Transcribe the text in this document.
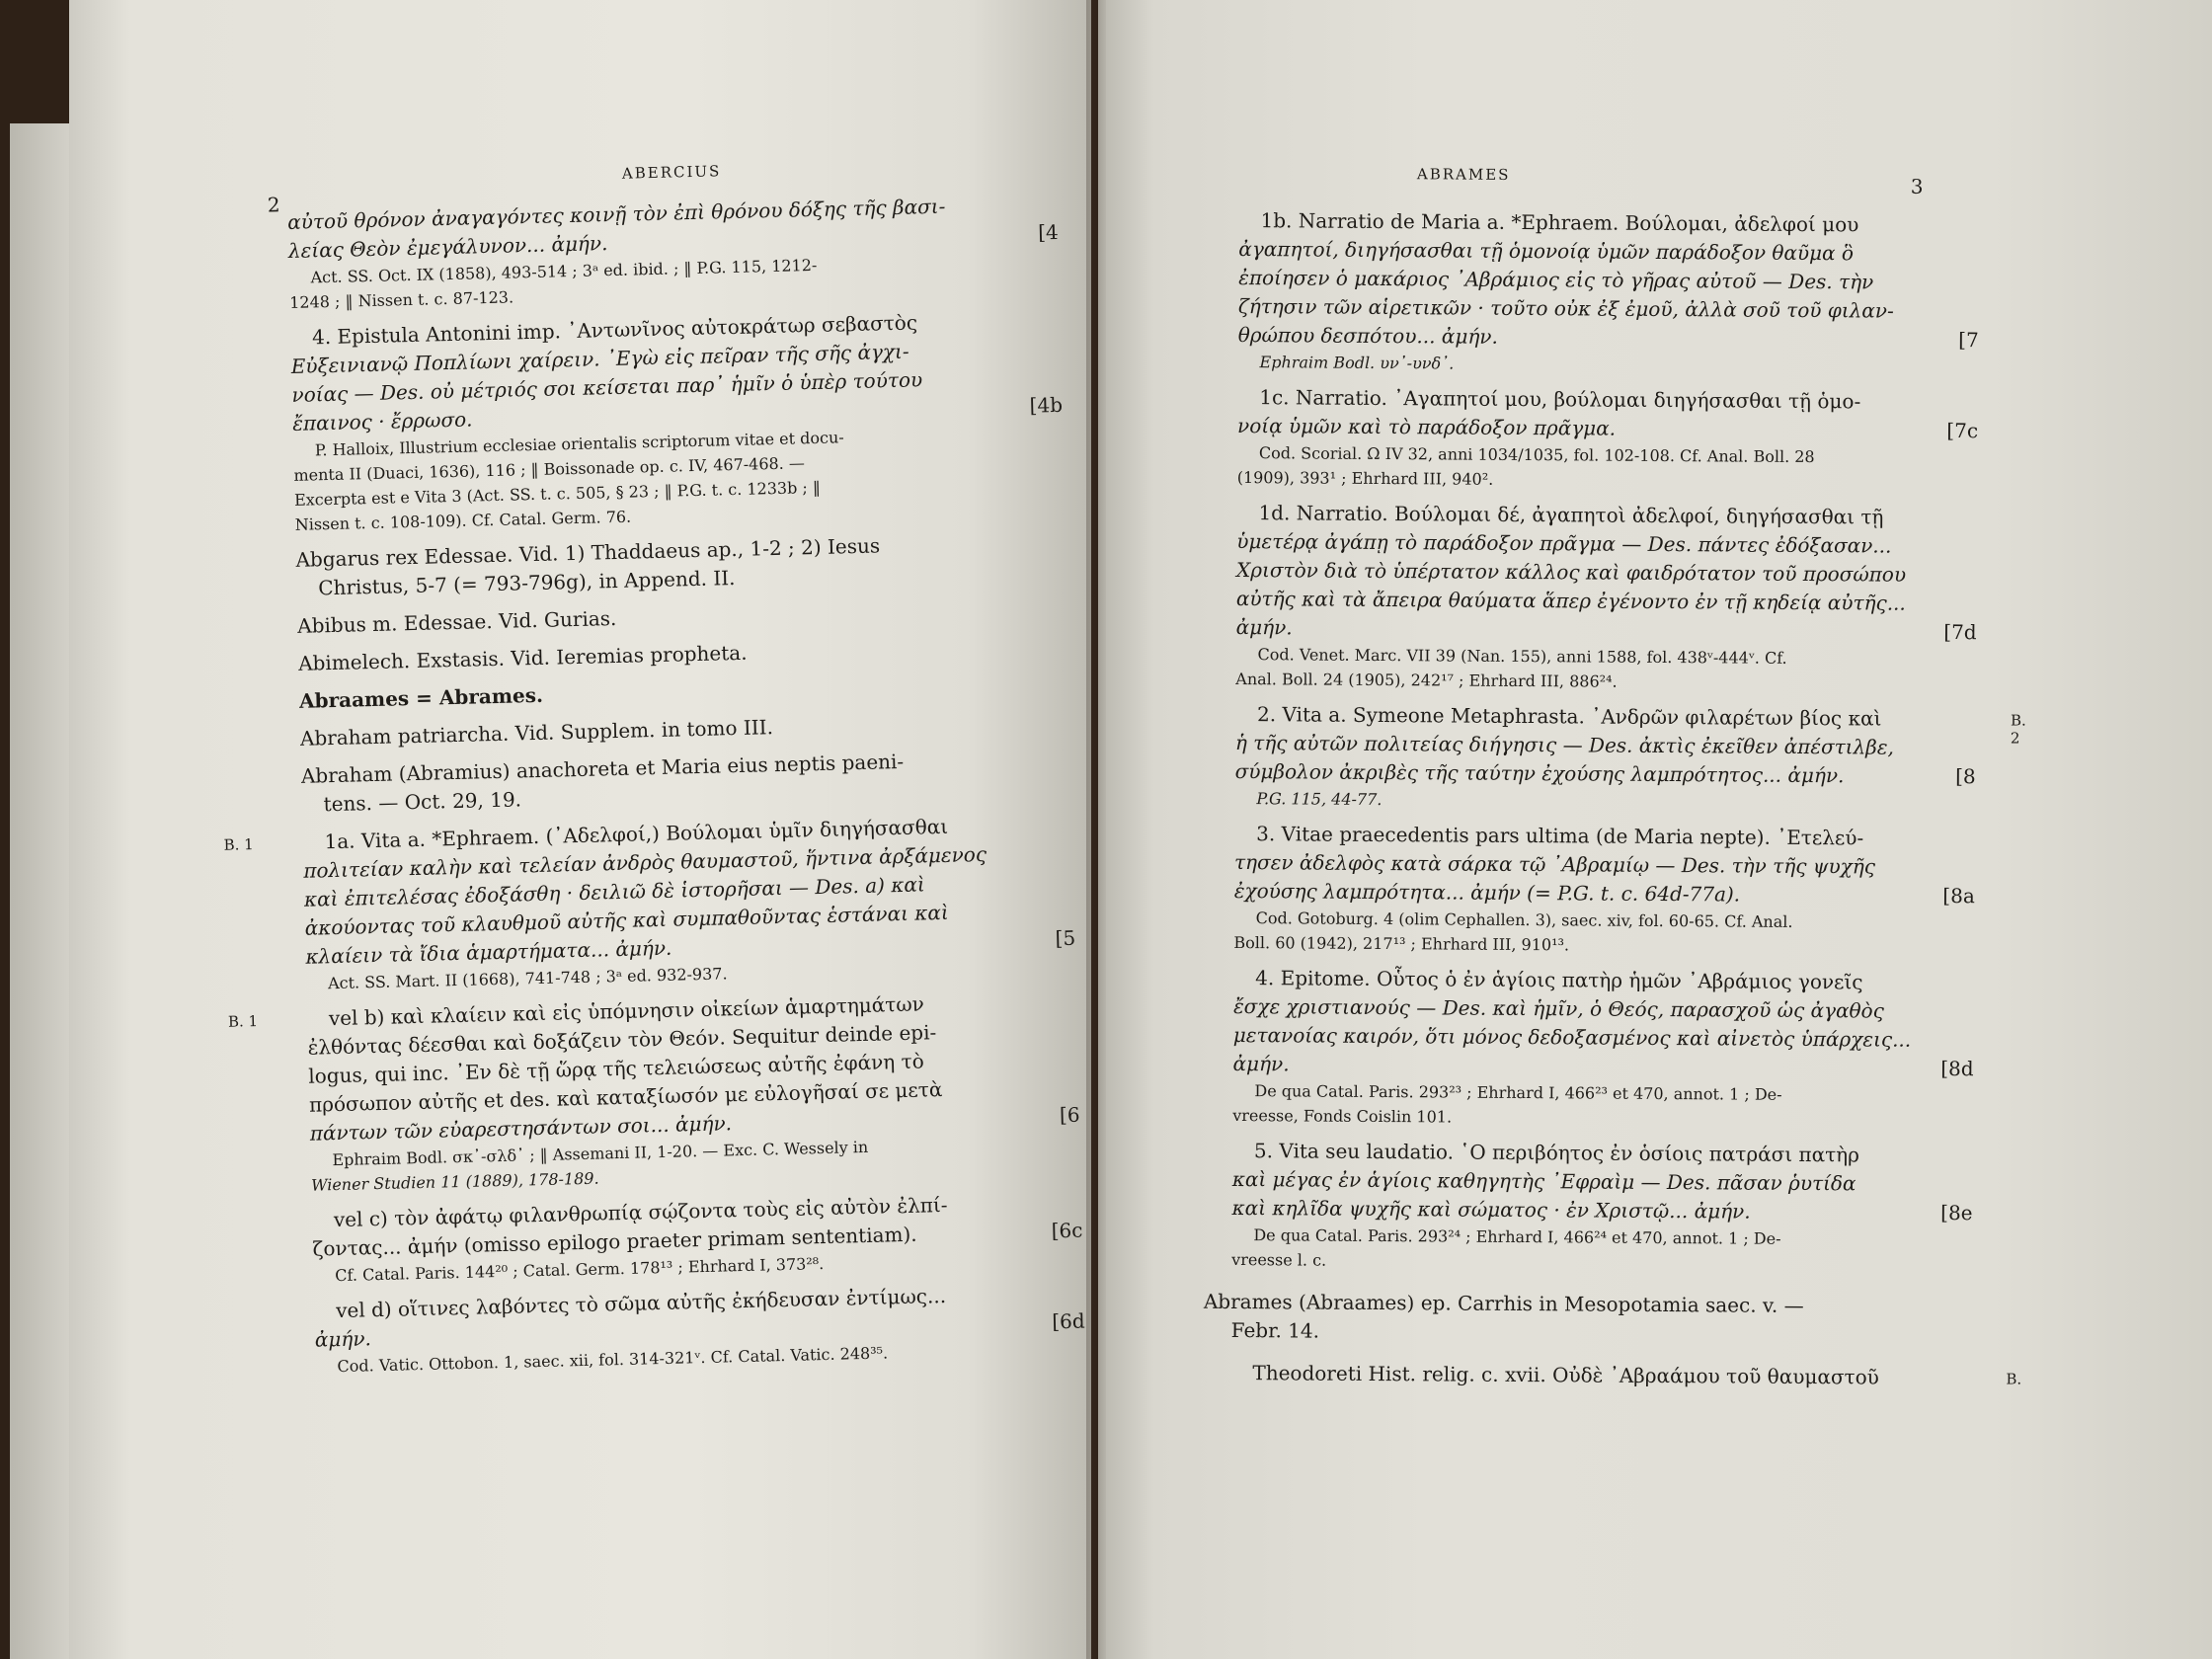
2
ABERCIUS
αὐτοῦ θρόνον ἀναγαγόντες κοινῇ τὸν ἐπὶ θρόνου δόξης τῆς βασι-
λείας Θεὸν ἐμεγάλυνον... ἀμήν.	[4
Act. SS. Oct. IX (1858), 493-514 ; 3ᵃ ed. ibid. ; ‖ P.G. 115, 1212-
1248 ; ‖ Nissen t. c. 87-123.
4. Epistula Antonini imp. ᾿Αντωνῖνος αὐτοκράτωρ σεβαστὸς
Εὐξεινιανῷ Πoπλίωνι χαίρειν. ᾿Εγὼ εἰς πεῖραν τῆς σῆς ἀγχι-
νοίας — Des. οὐ μέτριός σοι κείσεται παρ᾿ ἡμῖν ὁ ὑπὲρ τούτου
ἔπαινος · ἔρρωσο.
[4b
P. Halloix, Illustrium ecclesiae orientalis scriptorum vitae et docu-
menta II (Duaci, 1636), 116 ; ‖ Boissonade op. c. IV, 467-468. —
Excerpta est e Vita 3 (Act. SS. t. c. 505, § 23 ; ‖ P.G. t. c. 1233b ; ‖
Nissen t. c. 108-109). Cf. Catal. Germ. 76.
Abgarus rex Edessae. Vid. 1) Thaddaeus ap., 1-2 ; 2) Iesus
Christus, 5-7 (= 793-796g), in Append. II.
Abibus m. Edessae. Vid. Gurias.
Abimelech. Exstasis. Vid. Ieremias propheta.
Abraames = Abrames.
Abraham patriarcha. Vid. Supplem. in tomo III.
Abraham (Abramius) anachoreta et Maria eius neptis paeni-
tens. — Oct. 29, 19.
B. 1	1a. Vita a. *Ephraem. (᾿Αδελφοί,) Βούλομαι ὑμῖν διηγήσασθαι
πολιτείαν καλὴν καὶ τελείαν ἀνδρὸς θαυμαστοῦ, ἥντινα ἀρξάμενος
καὶ ἐπιτελέσας ἐδοξάσθη · δειλιῶ δὲ ἱστορῆσαι — Des. a) καὶ
ἀκούοντας τοῦ κλαυθμοῦ αὐτῆς καὶ συμπαθοῦντας ἑστάναι καὶ
κλαίειν τὰ ἴδια ἁμαρτήματα... ἀμήν.	[5
Act. SS. Mart. II (1668), 741-748 ; 3ᵃ ed. 932-937.
B. 1	vel b) καὶ κλαίειν καὶ εἰς ὑπόμνησιν οἰκείων ἁμαρτημάτων
ἐλθόντας δέεσθαι καὶ δοξάζειν τὸν Θεόν. Sequitur deinde epi-
logus, qui inc. ᾿Εν δὲ τῇ ὥρᾳ τῆς τελειώσεως αὐτῆς ἐφάνη τὸ
πρόσωπον αὐτῆς et des. καὶ καταξίωσόν με εὐλογῆσαί σε μετὰ
πάντων τῶν εὐαρεστησάντων σοι... ἀμήν.	[6
Ephraim Bodl. σκ᾿-σλδ᾿ ; ‖ Assemani II, 1-20. — Exc. C. Wessely in
Wiener Studien 11 (1889), 178-189.
vel c) τὸν ἀφάτῳ φιλανθρωπίᾳ σῴζοντα τοὺς εἰς αὐτὸν ἐλπί-
ζοντας... ἀμήν (omisso epilogo praeter primam sententiam).	[6c
Cf. Catal. Paris. 144²⁰ ; Catal. Germ. 178¹³ ; Ehrhard I, 373²⁸.
vel d) οἵτινες λαβόντες τὸ σῶμα αὐτῆς ἐκήδευσαν ἐντίμως...
ἀμήν.
[6d
Cod. Vatic. Ottobon. 1, saec. xii, fol. 314-321ᵛ. Cf. Catal. Vatic. 248³⁵.
ABRAMES
3
1b. Narratio de Maria a. *Ephraem. Βούλομαι, ἀδελφοί μου
ἀγαπητοί, διηγήσασθαι τῇ ὁμονοίᾳ ὑμῶν παράδοξον θαῦμα ὃ
ἐποίησεν ὁ μακάριος ᾿Αβράμιος εἰς τὸ γῆρας αὐτοῦ — Des. τὴν
ζήτησιν τῶν αἱρετικῶν · τοῦτο οὐκ ἐξ ἐμοῦ, ἀλλὰ σοῦ τοῦ φιλαν-
θρώπου δεσπότου... ἀμήν.	[7
Ephraim Bodl. υν᾿-υνδ᾿.
1c. Narratio. ᾿Αγαπητοί μου, βούλομαι διηγήσασθαι τῇ ὁμο-
νοίᾳ ὑμῶν καὶ τὸ παράδοξον πρᾶγμα.	[7c
Cod. Scorial. Ω IV 32, anni 1034/1035, fol. 102-108. Cf. Anal. Boll. 28
(1909), 393¹ ; Ehrhard III, 940².
1d. Narratio. Βούλομαι δέ, ἀγαπητοὶ ἀδελφοί, διηγήσασθαι τῇ
ὑμετέρᾳ ἀγάπῃ τὸ παράδοξον πρᾶγμα — Des. πάντες ἐδόξασαν...
Χριστὸν διὰ τὸ ὑπέρτατον κάλλος καὶ φαιδρότατον τοῦ προσώπου
αὐτῆς καὶ τὰ ἄπειρα θαύματα ἅπερ ἐγένοντο ἐν τῇ κηδείᾳ αὐτῆς...
ἀμήν.	[7d
Cod. Venet. Marc. VII 39 (Nan. 155), anni 1588, fol. 438ᵛ-444ᵛ. Cf.
Anal. Boll. 24 (1905), 242¹⁷ ; Ehrhard III, 886²⁴.
B. 2
2. Vita a. Symeone Metaphrasta. ᾿Ανδρῶν φιλαρέτων βίος καὶ
ἡ τῆς αὐτῶν πολιτείας διήγησις — Des. ἀκτὶς ἐκεῖθεν ἀπέστιλβε,
σύμβολον ἀκριβὲς τῆς ταύτην ἐχούσης λαμπρότητος... ἀμήν.	[8
P.G. 115, 44-77.
3. Vitae praecedentis pars ultima (de Maria nepte). ᾿Ετελεύ-
τησεν ἀδελφὸς κατὰ σάρκα τῷ ᾿Αβραμίῳ — Des. τὴν τῆς ψυχῆς
ἐχούσης λαμπρότητα... ἀμήν (= P.G. t. c. 64d-77a).	[8a
Cod. Gotoburg. 4 (olim Cephallen. 3), saec. xiv, fol. 60-65. Cf. Anal.
Boll. 60 (1942), 217¹³ ; Ehrhard III, 910¹³.
4. Epitome. Οὗτος ὁ ἐν ἁγίοις πατὴρ ἡμῶν ᾿Αβράμιος γονεῖς
ἔσχε χριστιανούς — Des. καὶ ἡμῖν, ὁ Θεός, παρασχοῦ ὡς ἀγαθὸς
μετανοίας καιρόν, ὅτι μόνος δεδοξασμένος καὶ αἰνετὸς ὑπάρχεις...
ἀμήν.	[8d
De qua Catal. Paris. 293²³ ; Ehrhard I, 466²³ et 470, annot. 1 ; De-
vreesse, Fonds Coislin 101.
5. Vita seu laudatio. ῾Ο περιβόητος ἐν ὁσίοις πατράσι πατὴρ
καὶ μέγας ἐν ἁγίοις καθηγητὴς ᾿Εφραὶμ — Des. πᾶσαν ῥυτίδα
καὶ κηλῖδα ψυχῆς καὶ σώματος · ἐν Χριστῷ... ἀμήν.	[8e
De qua Catal. Paris. 293²⁴ ; Ehrhard I, 466²⁴ et 470, annot. 1 ; De-
vreesse l. c.
Abrames (Abraames) ep. Carrhis in Mesopotamia saec. v. —
Febr. 14.
B.
Theodoreti Hist. relig. c. xvii. Οὐδὲ ᾿Αβραάμου τοῦ θαυμαστοῦ
